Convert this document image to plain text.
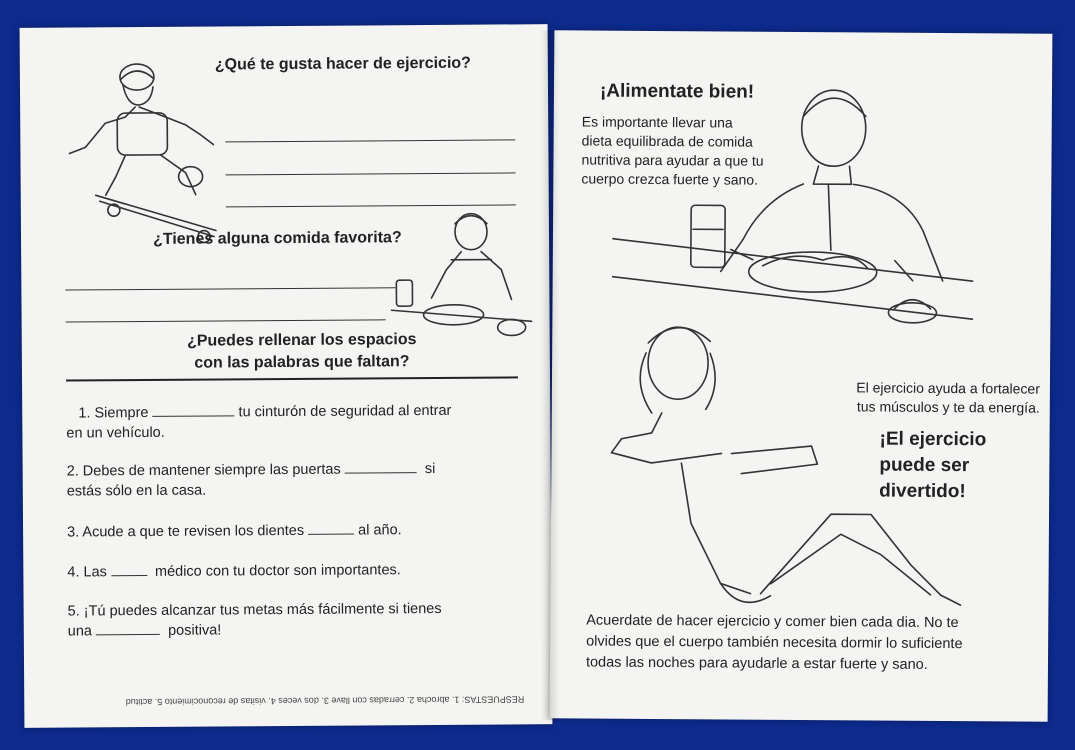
¿Qué te gusta hacer de ejercicio?
¿Tienes alguna comida favorita?
¿Puedes rellenar los espacios
con las palabras que faltan?
1. Siempre	tu cinturón de seguridad al entrar
en un vehículo.
2. Debes de mantener siempre las puertas	si
estás sólo en la casa.
3. Acude a que te revisen los dientes	al año.
4. Las	médico con tu doctor son importantes.
5. ¡Tú puedes alcanzar tus metas más fácilmente si tienes
una	positiva!
RESPUESTAS: 1. abrocha 2. cerradas con llave 3. dos veces 4. visitas de reconocimiento 5. actitud
¡Alimentate bien!
Es importante llevar una
dieta equilibrada de comida
nutritiva para ayudar a que tu
cuerpo crezca fuerte y sano.
El ejercicio ayuda a fortalecer
tus músculos y te da energía.
¡El ejercicio
puede ser
divertido!
Acuerdate de hacer ejercicio y comer bien cada dia. No te
olvides que el cuerpo también necesita dormir lo suficiente
todas las noches para ayudarle a estar fuerte y sano.
